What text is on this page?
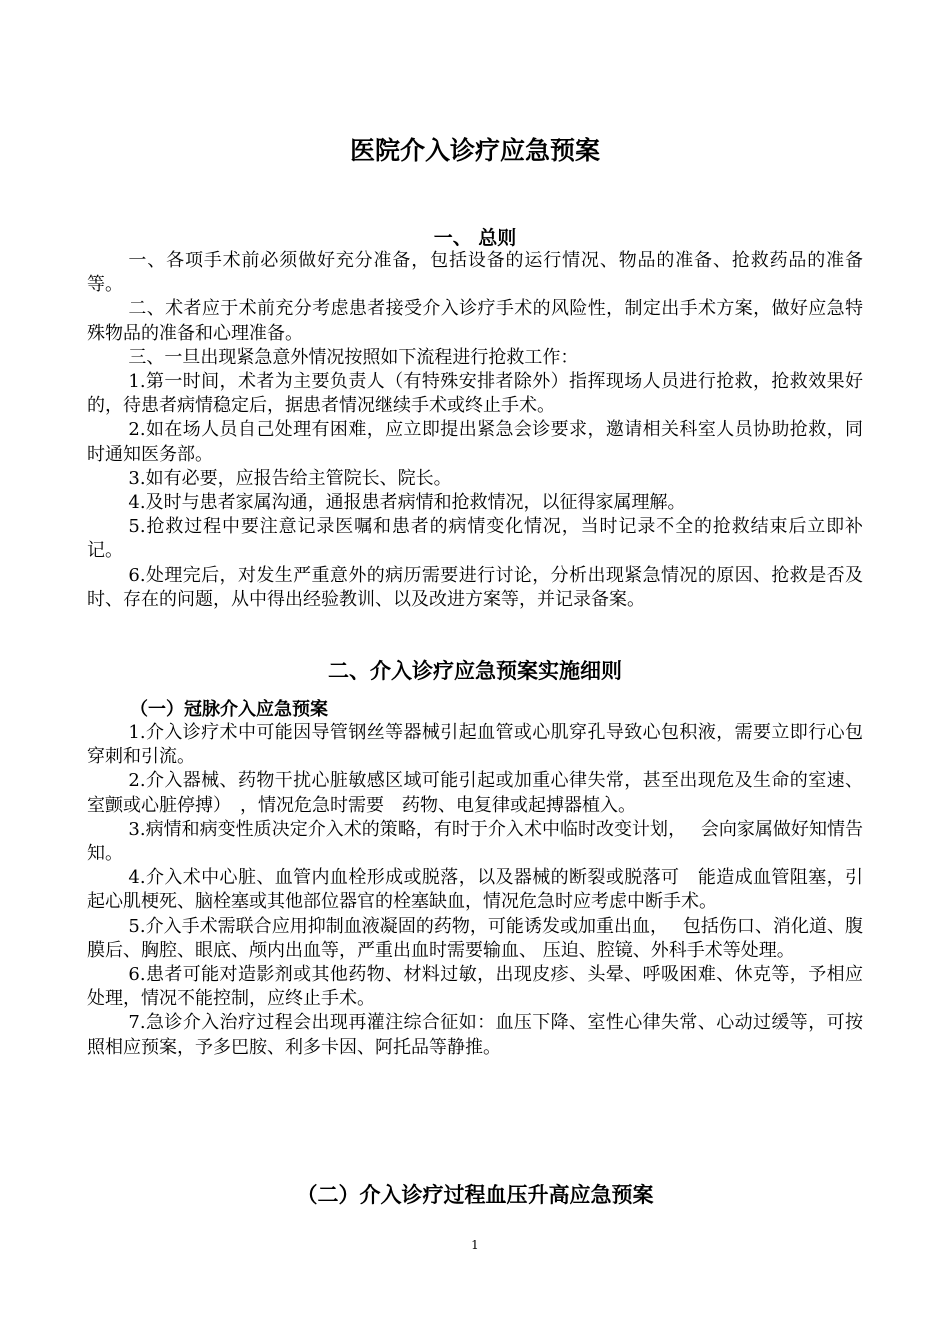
医院介入诊疗应急预案
一、 总则

一、各项手术前必须做好充分准备，包括设备的运行情况、物品的准备、抢救药品的准备等。

二、术者应于术前充分考虑患者接受介入诊疗手术的风险性，制定出手术方案，做好应急特殊物品的准备和心理准备。

三、一旦出现紧急意外情况按照如下流程进行抢救工作：

1.第一时间，术者为主要负责人（有特殊安排者除外）指挥现场人员进行抢救，抢救效果好的，待患者病情稳定后，据患者情况继续手术或终止手术。

2.如在场人员自己处理有困难，应立即提出紧急会诊要求，邀请相关科室人员协助抢救，同时通知医务部。

3.如有必要，应报告给主管院长、院长。

4.及时与患者家属沟通，通报患者病情和抢救情况，以征得家属理解。

5.抢救过程中要注意记录医嘱和患者的病情变化情况，当时记录不全的抢救结束后立即补记。

6.处理完后，对发生严重意外的病历需要进行讨论，分析出现紧急情况的原因、抢救是否及时、存在的问题，从中得出经验教训、以及改进方案等，并记录备案。

二、介入诊疗应急预案实施细则
（一）冠脉介入应急预案

1.介入诊疗术中可能因导管钢丝等器械引起血管或心肌穿孔导致心包积液，需要立即行心包穿刺和引流。

2.介入器械、药物干扰心脏敏感区域可能引起或加重心律失常，甚至出现危及生命的室速、室颤或心脏停搏）　，情况危急时需要　药物、电复律或起搏器植入。

3.病情和病变性质决定介入术的策略，有时于介入术中临时改变计划，　 会向家属做好知情告知。

4.介入术中心脏、血管内血栓形成或脱落，以及器械的断裂或脱落可　能造成血管阻塞，引起心肌梗死、脑栓塞或其他部位器官的栓塞缺血，情况危急时应考虑中断手术。

5.介入手术需联合应用抑制血液凝固的药物，可能诱发或加重出血，　 包括伤口、消化道、腹膜后、胸腔、眼底、颅内出血等，严重出血时需要输血、 压迫、腔镜、外科手术等处理。

6.患者可能对造影剂或其他药物、材料过敏，出现皮疹、头晕、呼吸困难、休克等，予相应处理，情况不能控制，应终止手术。

7.急诊介入治疗过程会出现再灌注综合征如：血压下降、室性心律失常、心动过缓等，可按照相应预案，予多巴胺、利多卡因、阿托品等静推。

（二）介入诊疗过程血压升高应急预案
1
